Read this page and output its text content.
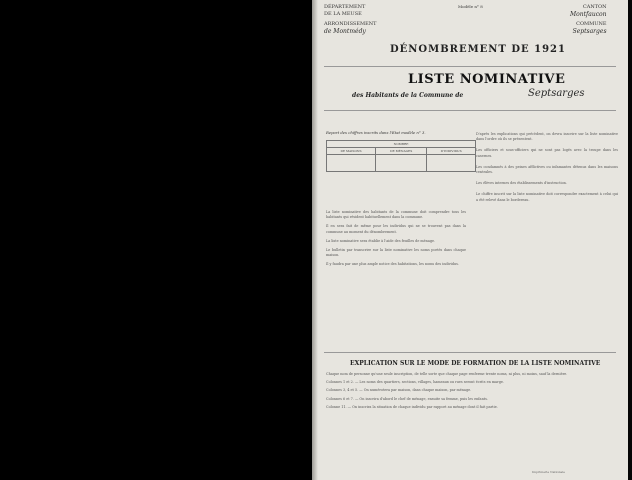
DÉPARTEMENT
DE LA MEUSE
ARRONDISSEMENT
de Montmédy
Modèle n° 8	CANTON
Montfaucon
COMMUNE
Septsarges
DÉNOMBREMENT DE 1921
LISTE NOMINATIVE
des Habitants de la Commune de	Septsarges
Report des chiffres inscrits dans l'Etat modèle n° 3.
NOMBRE		
DE MAISONS	DE MÉNAGES	D'INDIVIDUS

La liste nominative des habitants de la commune doit comprendre tous les habitants qui résident habituellement dans la commune.

Il en sera fait de même pour les individus qui ne se trouvent pas dans la commune au moment du dénombrement.

La liste nominative sera établie à l'aide des feuilles de ménage.

Le bulletin par transcrire sur la liste nominative les noms portés dans chaque maison.

Il y faudra par une plus ample notice des habitations, les noms des individus.

D'après les explications qui précèdent, on devra inscrire sur la liste nominative dans l'ordre où ils se présentent.

Les officiers et sous-officiers qui ne sont pas logés avec la troupe dans les casernes.

Les condamnés à des peines afflictives ou infamantes détenus dans les maisons centrales.

Les élèves internes des établissements d'instruction.

Le chiffre inscrit sur la liste nominative doit correspondre exactement à celui qui a été relevé dans le bordereau.

EXPLICATION SUR LE MODE DE FORMATION DE LA LISTE NOMINATIVE

Chaque nom de personne qu'une seule inscription, de telle sorte que chaque page renferme trente noms, ni plus, ni moins, sauf la dernière.

Colonnes 1 et 2. — Les noms des quartiers, sections, villages, hameaux ou rues seront écrits en marge.

Colonnes 3, 4 et 5. — On numérotera par maison, dans chaque maison, par ménage.

Colonnes 6 et 7. — On inscrira d'abord le chef de ménage, ensuite sa femme, puis les enfants.

Colonne 11. — On inscrira la situation de chaque individu par rapport au ménage dont il fait partie.

Imprimerie Nationale
